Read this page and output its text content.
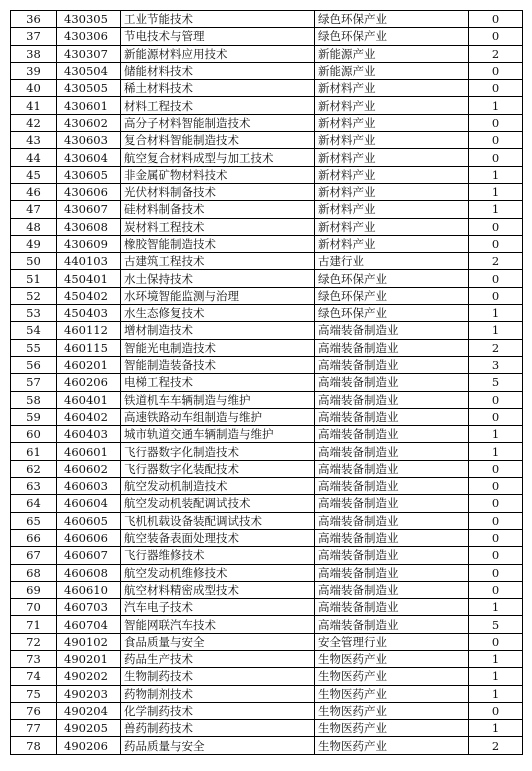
36	430305	工业节能技术	绿色环保产业	0
37	430306	节电技术与管理	绿色环保产业	0
38	430307	新能源材料应用技术	新能源产业	2
39	430504	储能材料技术	新能源产业	0
40	430505	稀土材料技术	新材料产业	0
41	430601	材料工程技术	新材料产业	1
42	430602	高分子材料智能制造技术	新材料产业	0
43	430603	复合材料智能制造技术	新材料产业	0
44	430604	航空复合材料成型与加工技术	新材料产业	0
45	430605	非金属矿物材料技术	新材料产业	1
46	430606	光伏材料制备技术	新材料产业	1
47	430607	硅材料制备技术	新材料产业	1
48	430608	炭材料工程技术	新材料产业	0
49	430609	橡胶智能制造技术	新材料产业	0
50	440103	古建筑工程技术	古建行业	2
51	450401	水土保持技术	绿色环保产业	0
52	450402	水环境智能监测与治理	绿色环保产业	0
53	450403	水生态修复技术	绿色环保产业	1
54	460112	增材制造技术	高端装备制造业	1
55	460115	智能光电制造技术	高端装备制造业	2
56	460201	智能制造装备技术	高端装备制造业	3
57	460206	电梯工程技术	高端装备制造业	5
58	460401	铁道机车车辆制造与维护	高端装备制造业	0
59	460402	高速铁路动车组制造与维护	高端装备制造业	0
60	460403	城市轨道交通车辆制造与维护	高端装备制造业	1
61	460601	飞行器数字化制造技术	高端装备制造业	1
62	460602	飞行器数字化装配技术	高端装备制造业	0
63	460603	航空发动机制造技术	高端装备制造业	0
64	460604	航空发动机装配调试技术	高端装备制造业	0
65	460605	飞机机载设备装配调试技术	高端装备制造业	0
66	460606	航空装备表面处理技术	高端装备制造业	0
67	460607	飞行器维修技术	高端装备制造业	0
68	460608	航空发动机维修技术	高端装备制造业	0
69	460610	航空材料精密成型技术	高端装备制造业	0
70	460703	汽车电子技术	高端装备制造业	1
71	460704	智能网联汽车技术	高端装备制造业	5
72	490102	食品质量与安全	安全管理行业	0
73	490201	药品生产技术	生物医药产业	1
74	490202	生物制药技术	生物医药产业	1
75	490203	药物制剂技术	生物医药产业	1
76	490204	化学制药技术	生物医药产业	0
77	490205	兽药制药技术	生物医药产业	1
78	490206	药品质量与安全	生物医药产业	2
